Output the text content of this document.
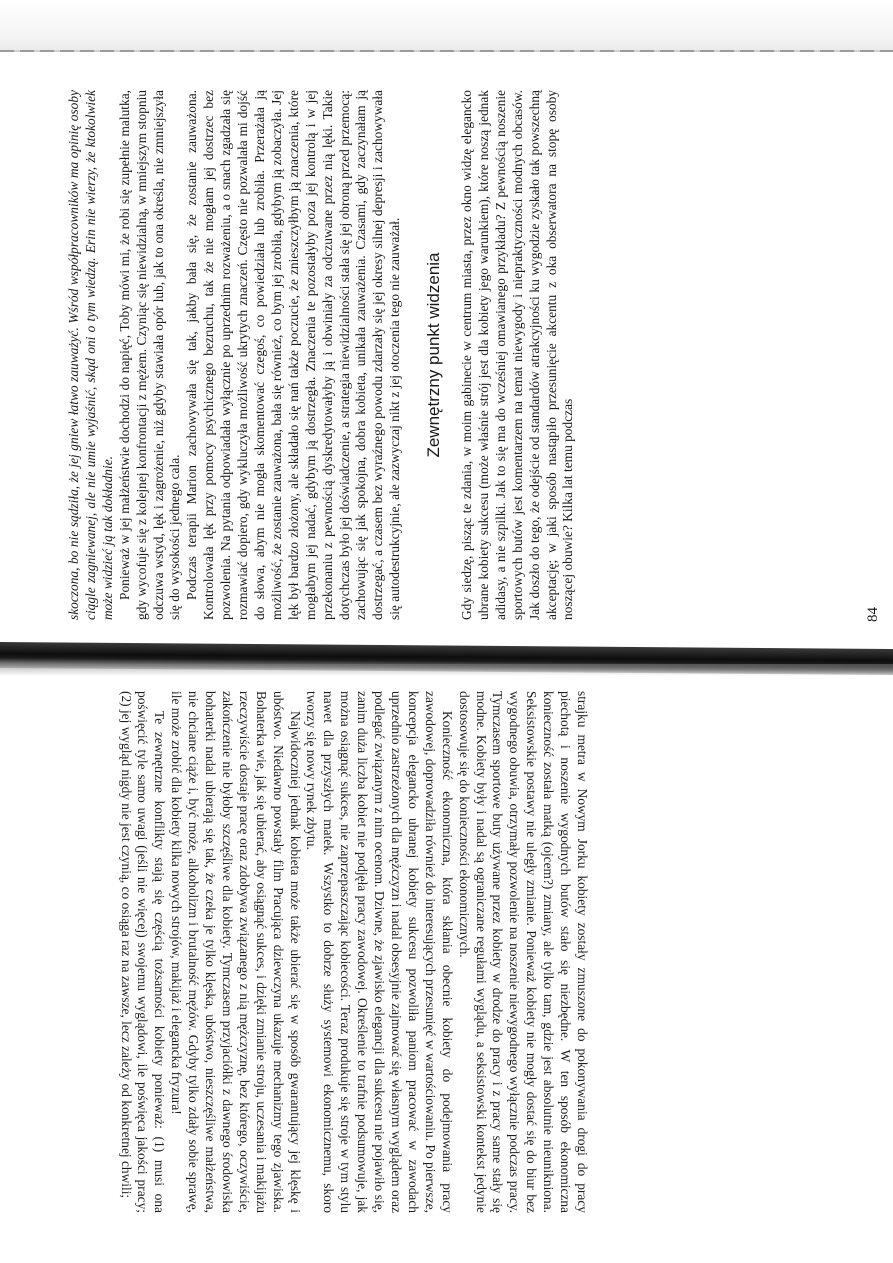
skoczona, bo nie sądziła, że jej gniew łatwo zauważyć. Wśród współpracowników ma opinię osoby ciągle zagniewanej, ale nie umie wyjaśnić, skąd oni o tym wiedzą. Erin nie wierzy, że ktokolwiek może widzieć ją tak dokładnie. Ponieważ w jej małżeństwie dochodzi do napięć, Toby mówi mi, że robi się zupełnie malutka, gdy wycofuje się z kolejnej konfrontacji z mężem. Czyniąc się niewidzialną, w mniejszym stopniu odczuwa wstyd, lęk i zagrożenie, niż gdyby stawiała opór lub, jak to ona określa, nie zmniejszyła się do wysokości jednego cala. Podczas terapii Marion zachowywała się tak, jakby bała się, że zostanie zauważona. Kontrolowała lęk przy pomocy psychicznego bezruchu, tak że nie mogłam jej dostrzec bez pozwolenia. Na pytania odpowiadała wyłącznie po uprzednim rozważeniu, a o snach zgadzała się rozmawiać dopiero, gdy wykluczyła możliwość ukrytych znaczeń. Często nie pozwalała mi dojść do słowa, abym nie mogła skomentować czegoś, co powiedziała lub zrobiła. Przerażała ją możliwość, że zostanie zauważona, bała się również, co bym jej zrobiła, gdybym ją zobaczyła. Jej lęk był bardzo złożony, ale składało się nań także poczucie, że znieszczyłbym ją znaczenia, które mogłabym jej nadać, gdybym ją dostrzegła. Znaczenia te pozostałyby poza jej kontrolą i w jej przekonaniu z pewnością dyskredytowałyby ją i obwiniały za odczuwane przez nią lęki. Takie dotychczas było jej doświadczenie, a strategia niewidzialności stała się jej obroną przed przemocą: zachowując się jak spokojna, dobra kobieta, unikała zauważenia. Czasami, gdy zaczynałam ją dostrzegać, a czasem bez wyraźnego powodu zdarzały się jej okresy silnej depresji i zachowywała się autodestrukcyjnie, ale zazwyczaj nikt z jej otoczenia tego nie zauważał. Zewnętrzny punkt widzenia Gdy siedzę, pisząc te zdania, w moim gabinecie w centrum miasta, przez okno widzę elegancko ubrane kobiety sukcesu (może właśnie strój jest dla kobiety jego warunkiem), które noszą jednak adidasy, a nie szpilki. Jak to się ma do wcześniej omawianego przykładu? Z pewnością noszenie sportowych butów jest komentarzem na temat niewygody i niepraktyczności modnych obcasów. Jak doszło do tego, że odejście od standardów atrakcyjności ku wygodzie zyskało tak powszechną akceptację; w jaki sposób nastąpiło przesunięcie akcentu z oka obserwatora na stopę osoby noszącej obuwie? Kilka lat temu podczas	84

strajku metra w Nowym Jorku kobiety zostały zmuszone do pokonywania drogi do pracy piechotą i noszenie wygodnych butów stało się niezbędne. W ten sposób ekonomiczna konieczność została matką (ojcem?) zmiany, ale tylko tam, gdzie jest absolutnie nieunikniona. Seksistowskie postawy nie uległy zmianie. Ponieważ kobiety nie mogły dostać się do biur bez wygodnego obuwia, otrzymały pozwolenie na noszenie niewygodnego wyłącznie podczas pracy. Tymczasem sportowe buty używane przez kobiety w drodze do pracy i z pracy same stały się modne. Kobiety były i nadal są ograniczane regułami wyglądu, a seksistowski kontekst jedynie dostosowuje się do konieczności ekonomicznych.

Konieczność ekonomiczna, która skłania obecnie kobiety do podejmowania pracy zawodowej, doprowadziła również do interesujących przesunięć w wartościowaniu. Po pierwsze, koncepcja elegancko ubranej kobiety sukcesu pozwoliła paniom pracować w zawodach uprzednio zastrzeżonych dla mężczyzn i nadal obsesyjnie zajmować się własnym wyglądem oraz podlegać związanym z nim ocenom. Dziwne, że zjawisko elegancji dla sukcesu nie pojawiło się, zanim duża liczba kobiet nie podjęła pracy zawodowej. Określenie to trafnie podsumowuje, jak można osiągnąć sukces, nie zaprzepaszczając kobiecości. Teraz produkuje się stroje w tym stylu nawet dla przyszłych matek. Wszystko to dobrze służy systemowi ekonomicznemu, skoro tworzy się nowy rynek zbytu.

Najwidoczniej jednak kobieta może także ubierać się w sposób gwarantujący jej klęskę i ubóstwo. Niedawno powstały film Pracująca dziewczyna ukazuje mechanizmy tego zjawiska. Bohaterka wie, jak się ubierać, aby osiągnąć sukces, i dzięki zmianie stroju, uczesania i makijażu rzeczywiście dostaje pracę oraz zdobywa związanego z nią mężczyznę, bez którego, oczywiście, zakończenie nie byłoby szczęśliwe dla kobiety. Tymczasem przyjaciółki z dawnego środowiska bohaterki nadal ubierają się tak, że czeka je tylko klęska, ubóstwo, nieszczęśliwe małżeństwa, nie chciane ciąże i, być może, alkoholizm i brutalność mężów. Gdyby tylko zdały sobie sprawę, ile może zrobić dla kobiety kilka nowych strojów, makijaż i elegancka fryzura!

Te zewnętrzne konflikty stają się częścią tożsamości kobiety ponieważ: (1) musi ona poświęcić tyle samo uwagi (jeśli nie więcej) swojemu wyglądowi, ile poświęca jakości pracy; (2) jej wygląd nigdy nie jest czynią, co osiąga raz na zawsze, lecz zależy od konkretnej chwili;
